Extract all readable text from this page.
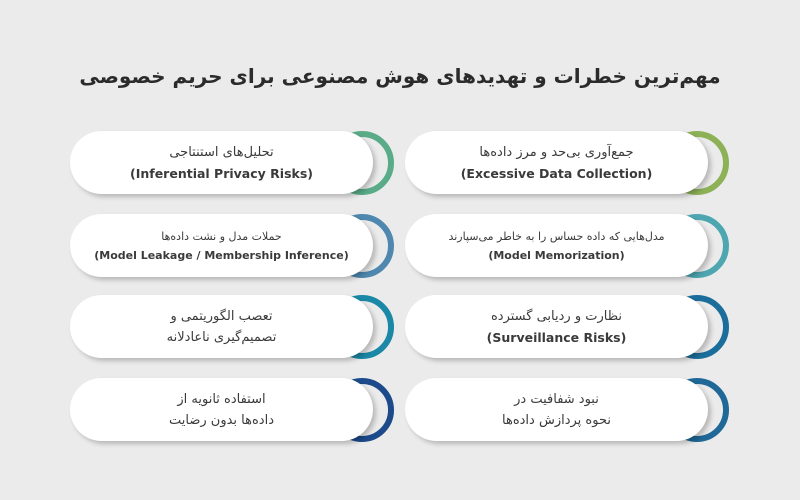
مهم‌ترین خطرات و تهدیدهای هوش مصنوعی برای حریم خصوصی
جمع‌آوری بی‌حد و مرز داده‌ها
(Excessive Data Collection)
تحلیل‌های استنتاجی
(Inferential Privacy Risks)
مدل‌هایی که داده حساس را به خاطر می‌سپارند
(Model Memorization)
حملات مدل و نشت داده‌ها
(Model Leakage / Membership Inference)
نظارت و ردیابی گسترده
(Surveillance Risks)
تعصب الگوریتمی و
تصمیم‌گیری ناعادلانه
نبود شفافیت در
نحوه پردازش داده‌ها
استفاده ثانویه از
داده‌ها بدون رضایت
